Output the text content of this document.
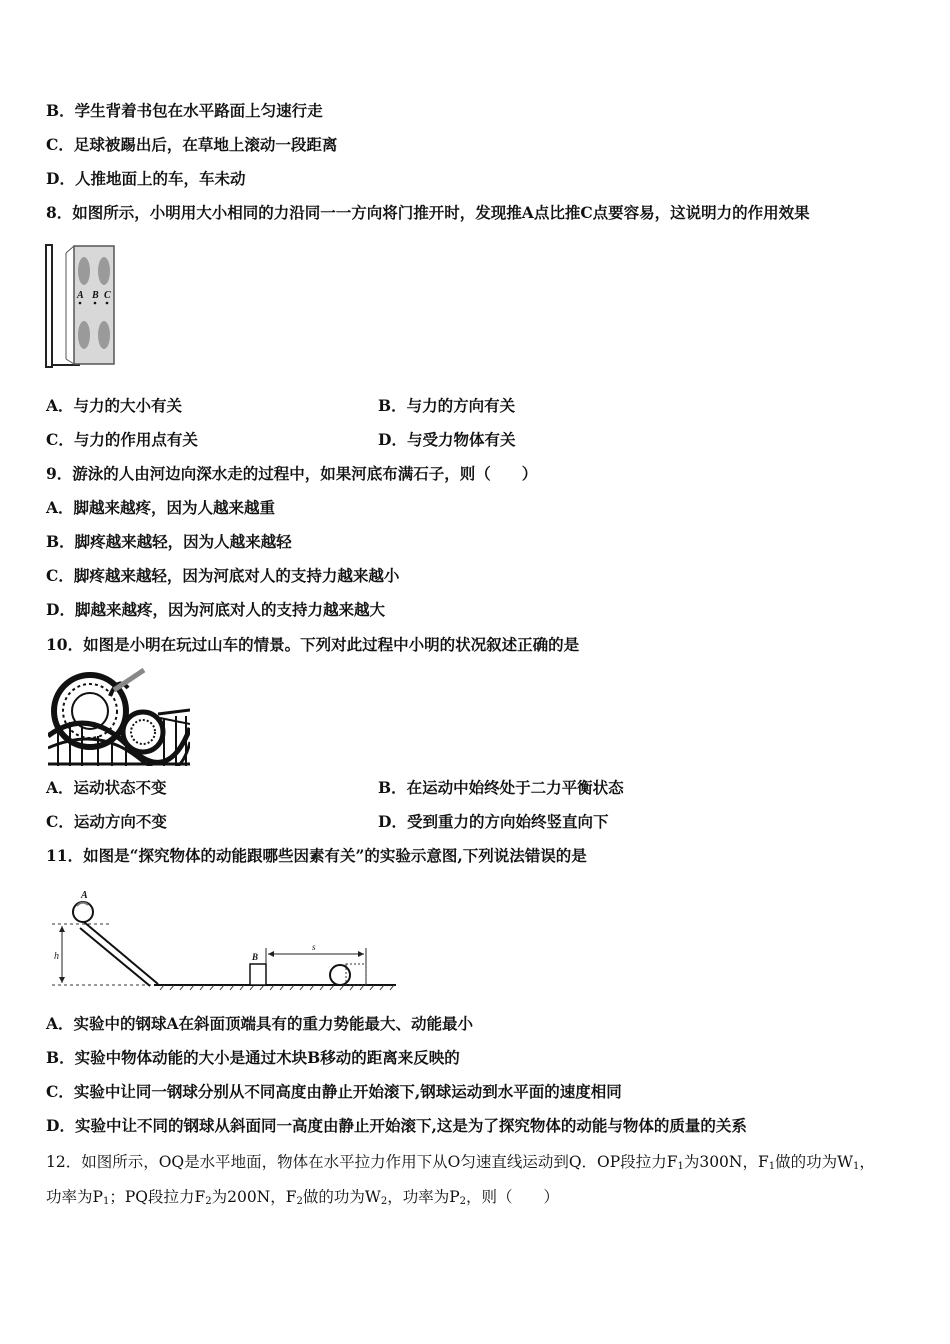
B．学生背着书包在水平路面上匀速行走
C．足球被踢出后，在草地上滚动一段距离
D．人推地面上的车，车未动
8．如图所示，小明用大小相同的力沿同一一方向将门推开时，发现推A点比推C点要容易，这说明力的作用效果
A B C
A．与力的大小有关	B．与力的方向有关
C．与力的作用点有关	D．与受力物体有关
9．游泳的人由河边向深水走的过程中，如果河底布满石子，则（　　）
A．脚越来越疼，因为人越来越重
B．脚疼越来越轻，因为人越来越轻
C．脚疼越来越轻，因为河底对人的支持力越来越小
D．脚越来越疼，因为河底对人的支持力越来越大
10．如图是小明在玩过山车的情景。下列对此过程中小明的状况叙述正确的是
A．运动状态不变	B．在运动中始终处于二力平衡状态
C．运动方向不变	D．受到重力的方向始终竖直向下
11．如图是“探究物体的动能跟哪些因素有关”的实验示意图,下列说法错误的是
h
A
B
s
A．实验中的钢球A在斜面顶端具有的重力势能最大、动能最小
B．实验中物体动能的大小是通过木块B移动的距离来反映的
C．实验中让同一钢球分别从不同高度由静止开始滚下,钢球运动到水平面的速度相同
D．实验中让不同的钢球从斜面同一高度由静止开始滚下,这是为了探究物体的动能与物体的质量的关系
12．如图所示，OQ是水平地面，物体在水平拉力作用下从O匀速直线运动到Q．OP段拉力$F_1$为300N，$F_1$做的功为$W_1$，
功率为$P_1$；PQ段拉力$F_2$为200N，$F_2$做的功为$W_2$，功率为$P_2$，则（　　）
